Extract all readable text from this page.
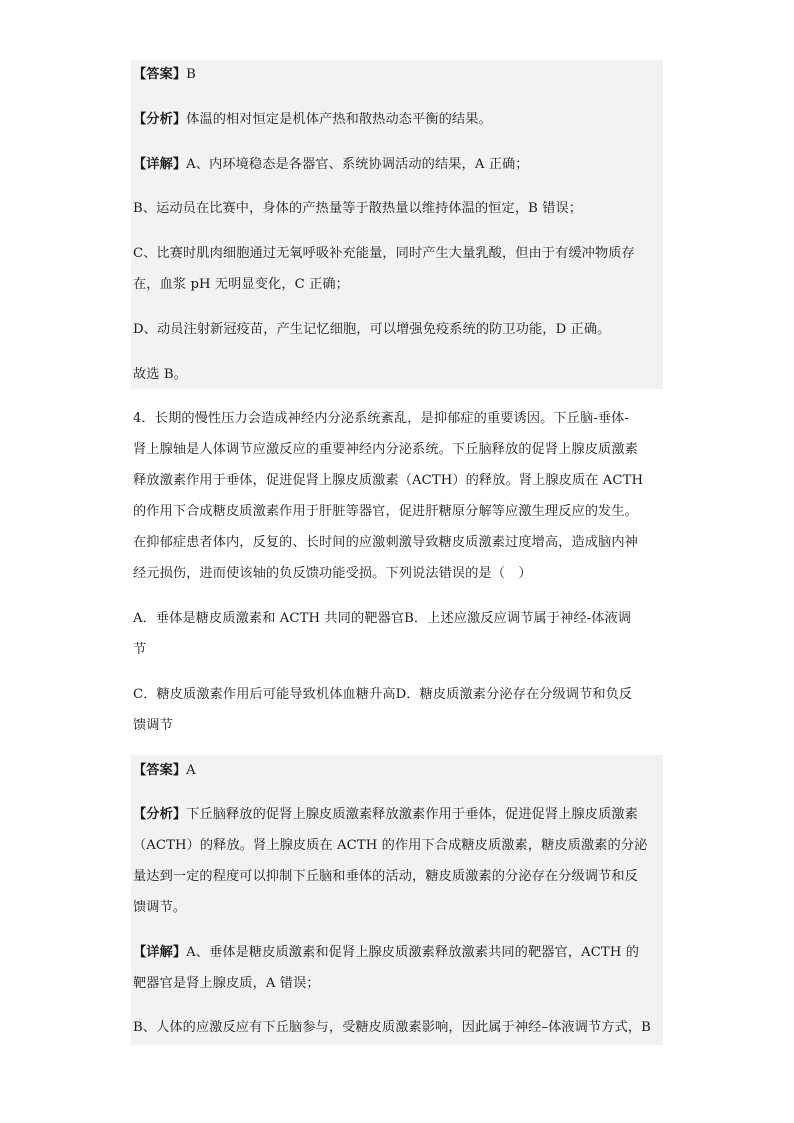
【答案】B
【分析】体温的相对恒定是机体产热和散热动态平衡的结果。
【详解】A、内环境稳态是各器官、系统协调活动的结果，A 正确；
B、运动员在比赛中，身体的产热量等于散热量以维持体温的恒定，B 错误；
C、比赛时肌肉细胞通过无氧呼吸补充能量，同时产生大量乳酸，但由于有缓冲物质存
在，血浆 pH 无明显变化，C 正确；
D、动员注射新冠疫苗，产生记忆细胞，可以增强免疫系统的防卫功能，D 正确。
故选 B。
4．长期的慢性压力会造成神经内分泌系统紊乱，是抑郁症的重要诱因。下丘脑-垂体-
肾上腺轴是人体调节应激反应的重要神经内分泌系统。下丘脑释放的促肾上腺皮质激素
释放激素作用于垂体，促进促肾上腺皮质激素（ACTH）的释放。肾上腺皮质在 ACTH
的作用下合成糖皮质激素作用于肝脏等器官，促进肝糖原分解等应激生理反应的发生。
在抑郁症患者体内，反复的、长时间的应激刺激导致糖皮质激素过度增高，造成脑内神
经元损伤，进而使该轴的负反馈功能受损。下列说法错误的是（　）
A．垂体是糖皮质激素和 ACTH 共同的靶器官B．上述应激反应调节属于神经-体液调
节
C．糖皮质激素作用后可能导致机体血糖升高D．糖皮质激素分泌存在分级调节和负反
馈调节
【答案】A
【分析】下丘脑释放的促肾上腺皮质激素释放激素作用于垂体，促进促肾上腺皮质激素
（ACTH）的释放。肾上腺皮质在 ACTH 的作用下合成糖皮质激素，糖皮质激素的分泌
量达到一定的程度可以抑制下丘脑和垂体的活动，糖皮质激素的分泌存在分级调节和反
馈调节。
【详解】A、垂体是糖皮质激素和促肾上腺皮质激素释放激素共同的靶器官，ACTH 的
靶器官是肾上腺皮质，A 错误；
B、人体的应激反应有下丘脑参与，受糖皮质激素影响，因此属于神经–体液调节方式，B
